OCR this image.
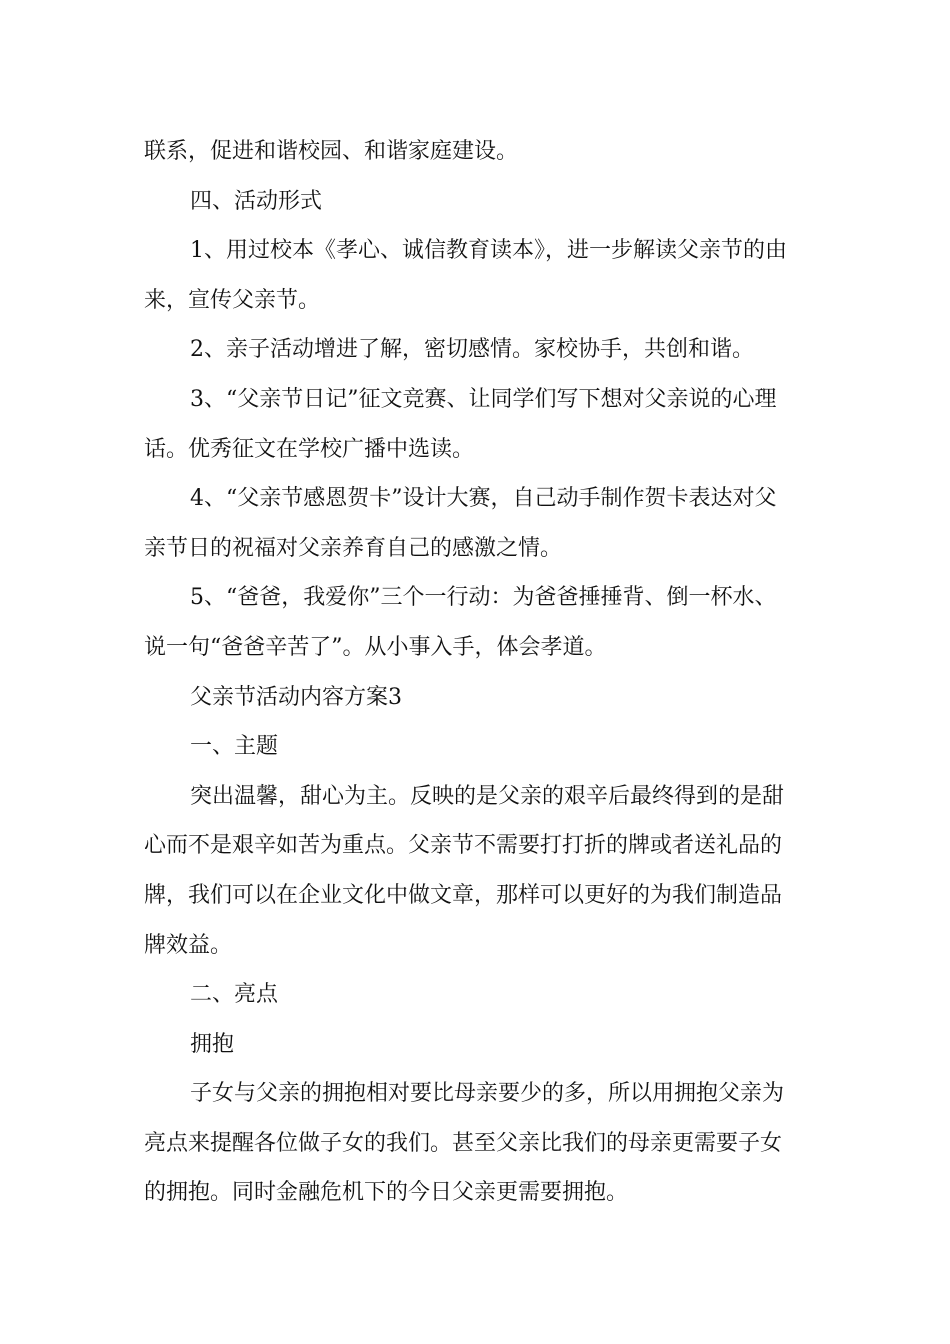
联系，促进和谐校园、和谐家庭建设。
四、活动形式
1、用过校本《孝心、诚信教育读本》，进一步解读父亲节的由
来，宣传父亲节。
2、亲子活动增进了解，密切感情。家校协手，共创和谐。
3、“父亲节日记”征文竞赛、让同学们写下想对父亲说的心理
话。优秀征文在学校广播中选读。
4、“父亲节感恩贺卡”设计大赛，自己动手制作贺卡表达对父
亲节日的祝福对父亲养育自己的感激之情。
5、“爸爸，我爱你”三个一行动：为爸爸捶捶背、倒一杯水、
说一句“爸爸辛苦了”。从小事入手，体会孝道。
父亲节活动内容方案3
一、主题
突出温馨，甜心为主。反映的是父亲的艰辛后最终得到的是甜
心而不是艰辛如苦为重点。父亲节不需要打打折的牌或者送礼品的
牌，我们可以在企业文化中做文章，那样可以更好的为我们制造品
牌效益。
二、亮点
拥抱
子女与父亲的拥抱相对要比母亲要少的多，所以用拥抱父亲为
亮点来提醒各位做子女的我们。甚至父亲比我们的母亲更需要子女
的拥抱。同时金融危机下的今日父亲更需要拥抱。
